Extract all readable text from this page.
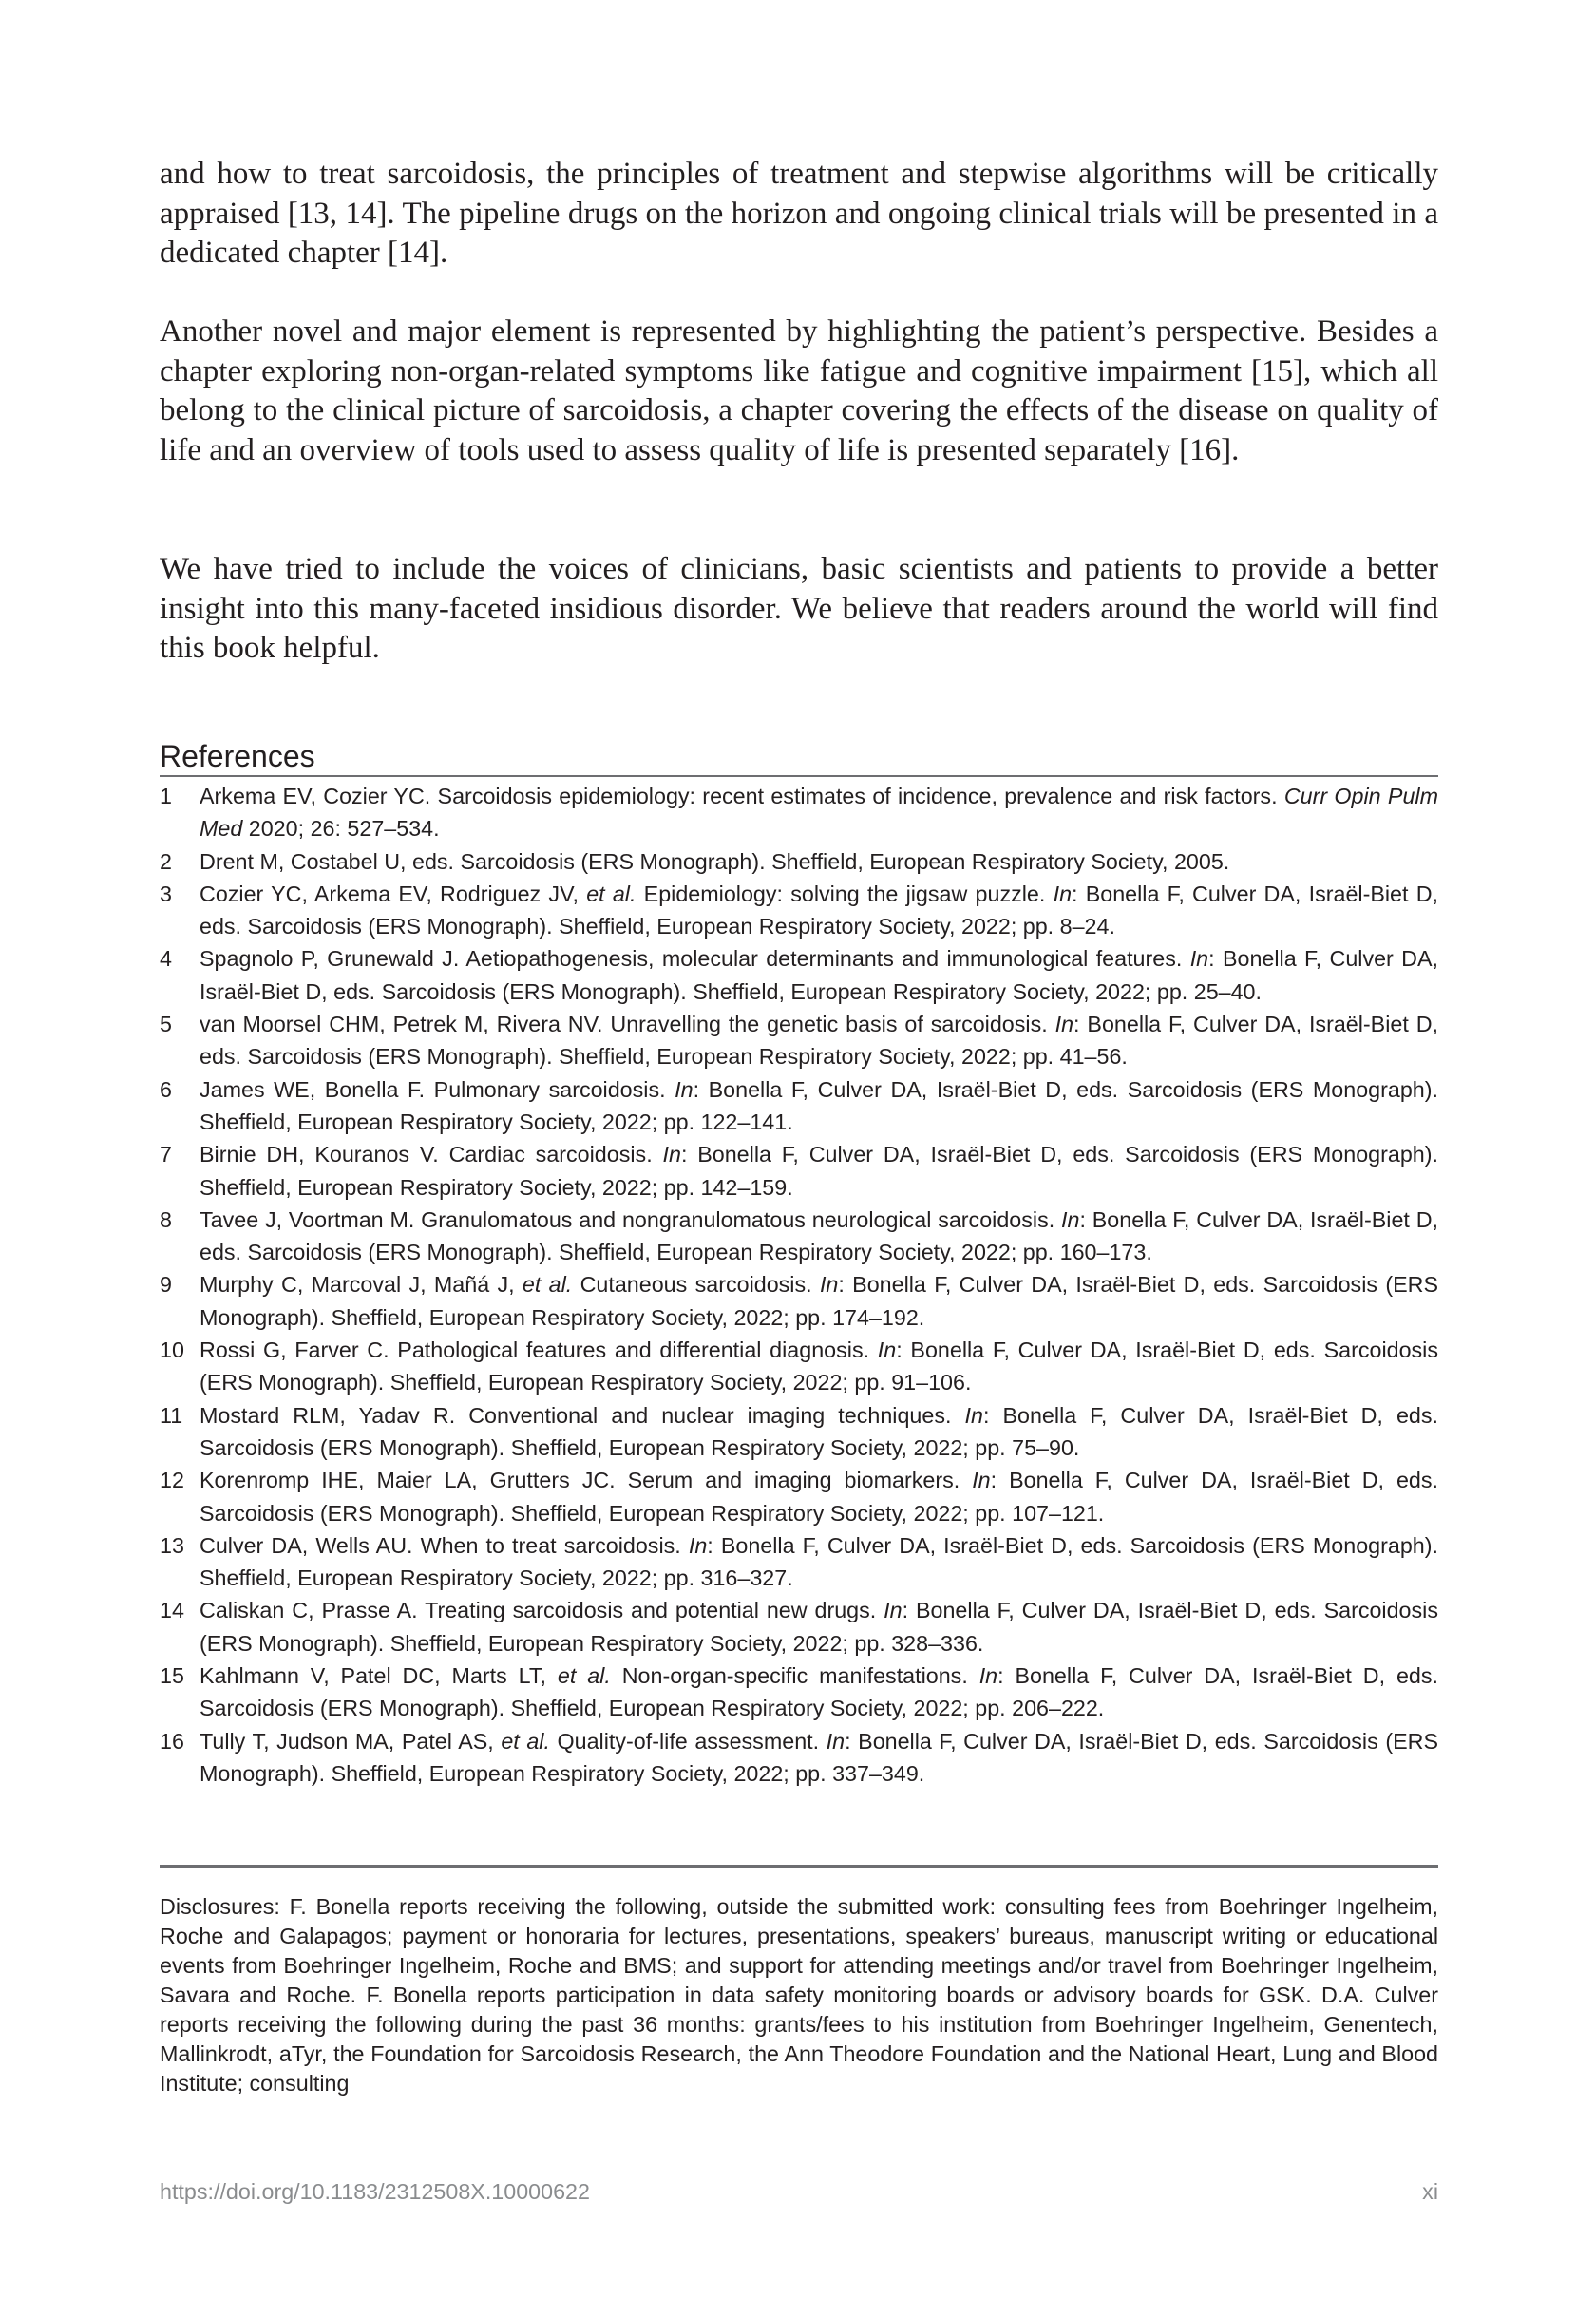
and how to treat sarcoidosis, the principles of treatment and stepwise algorithms will be critically appraised [13, 14]. The pipeline drugs on the horizon and ongoing clinical trials will be presented in a dedicated chapter [14].

Another novel and major element is represented by highlighting the patient’s perspective. Besides a chapter exploring non-organ-related symptoms like fatigue and cognitive impairment [15], which all belong to the clinical picture of sarcoidosis, a chapter covering the effects of the disease on quality of life and an overview of tools used to assess quality of life is presented separately [16].

We have tried to include the voices of clinicians, basic scientists and patients to provide a better insight into this many-faceted insidious disorder. We believe that readers around the world will find this book helpful.

References
1	Arkema EV, Cozier YC. Sarcoidosis epidemiology: recent estimates of incidence, prevalence and risk factors. Curr Opin Pulm Med 2020; 26: 527–534.
2	Drent M, Costabel U, eds. Sarcoidosis (ERS Monograph). Sheffield, European Respiratory Society, 2005.
3	Cozier YC, Arkema EV, Rodriguez JV, et al. Epidemiology: solving the jigsaw puzzle. In: Bonella F, Culver DA, Israël-Biet D, eds. Sarcoidosis (ERS Monograph). Sheffield, European Respiratory Society, 2022; pp. 8–24.
4	Spagnolo P, Grunewald J. Aetiopathogenesis, molecular determinants and immunological features. In: Bonella F, Culver DA, Israël-Biet D, eds. Sarcoidosis (ERS Monograph). Sheffield, European Respiratory Society, 2022; pp. 25–40.
5	van Moorsel CHM, Petrek M, Rivera NV. Unravelling the genetic basis of sarcoidosis. In: Bonella F, Culver DA, Israël-Biet D, eds. Sarcoidosis (ERS Monograph). Sheffield, European Respiratory Society, 2022; pp. 41–56.
6	James WE, Bonella F. Pulmonary sarcoidosis. In: Bonella F, Culver DA, Israël-Biet D, eds. Sarcoidosis (ERS Monograph). Sheffield, European Respiratory Society, 2022; pp. 122–141.
7	Birnie DH, Kouranos V. Cardiac sarcoidosis. In: Bonella F, Culver DA, Israël-Biet D, eds. Sarcoidosis (ERS Monograph). Sheffield, European Respiratory Society, 2022; pp. 142–159.
8	Tavee J, Voortman M. Granulomatous and nongranulomatous neurological sarcoidosis. In: Bonella F, Culver DA, Israël-Biet D, eds. Sarcoidosis (ERS Monograph). Sheffield, European Respiratory Society, 2022; pp. 160–173.
9	Murphy C, Marcoval J, Mañá J, et al. Cutaneous sarcoidosis. In: Bonella F, Culver DA, Israël-Biet D, eds. Sarcoidosis (ERS Monograph). Sheffield, European Respiratory Society, 2022; pp. 174–192.
10 Rossi G, Farver C. Pathological features and differential diagnosis. In: Bonella F, Culver DA, Israël-Biet D, eds. Sarcoidosis (ERS Monograph). Sheffield, European Respiratory Society, 2022; pp. 91–106.
11 Mostard RLM, Yadav R. Conventional and nuclear imaging techniques. In: Bonella F, Culver DA, Israël-Biet D, eds. Sarcoidosis (ERS Monograph). Sheffield, European Respiratory Society, 2022; pp. 75–90.
12 Korenromp IHE, Maier LA, Grutters JC. Serum and imaging biomarkers. In: Bonella F, Culver DA, Israël-Biet D, eds. Sarcoidosis (ERS Monograph). Sheffield, European Respiratory Society, 2022; pp. 107–121.
13 Culver DA, Wells AU. When to treat sarcoidosis. In: Bonella F, Culver DA, Israël-Biet D, eds. Sarcoidosis (ERS Monograph). Sheffield, European Respiratory Society, 2022; pp. 316–327.
14 Caliskan C, Prasse A. Treating sarcoidosis and potential new drugs. In: Bonella F, Culver DA, Israël-Biet D, eds. Sarcoidosis (ERS Monograph). Sheffield, European Respiratory Society, 2022; pp. 328–336.
15 Kahlmann V, Patel DC, Marts LT, et al. Non-organ-specific manifestations. In: Bonella F, Culver DA, Israël-Biet D, eds. Sarcoidosis (ERS Monograph). Sheffield, European Respiratory Society, 2022; pp. 206–222.
16 Tully T, Judson MA, Patel AS, et al. Quality-of-life assessment. In: Bonella F, Culver DA, Israël-Biet D, eds. Sarcoidosis (ERS Monograph). Sheffield, European Respiratory Society, 2022; pp. 337–349.

Disclosures: F. Bonella reports receiving the following, outside the submitted work: consulting fees from Boehringer Ingelheim, Roche and Galapagos; payment or honoraria for lectures, presentations, speakers’ bureaus, manuscript writing or educational events from Boehringer Ingelheim, Roche and BMS; and support for attending meetings and/or travel from Boehringer Ingelheim, Savara and Roche. F. Bonella reports participation in data safety monitoring boards or advisory boards for GSK. D.A. Culver reports receiving the following during the past 36 months: grants/fees to his institution from Boehringer Ingelheim, Genentech, Mallinkrodt, aTyr, the Foundation for Sarcoidosis Research, the Ann Theodore Foundation and the National Heart, Lung and Blood Institute; consulting

https://doi.org/10.1183/2312508X.10000622	xi
